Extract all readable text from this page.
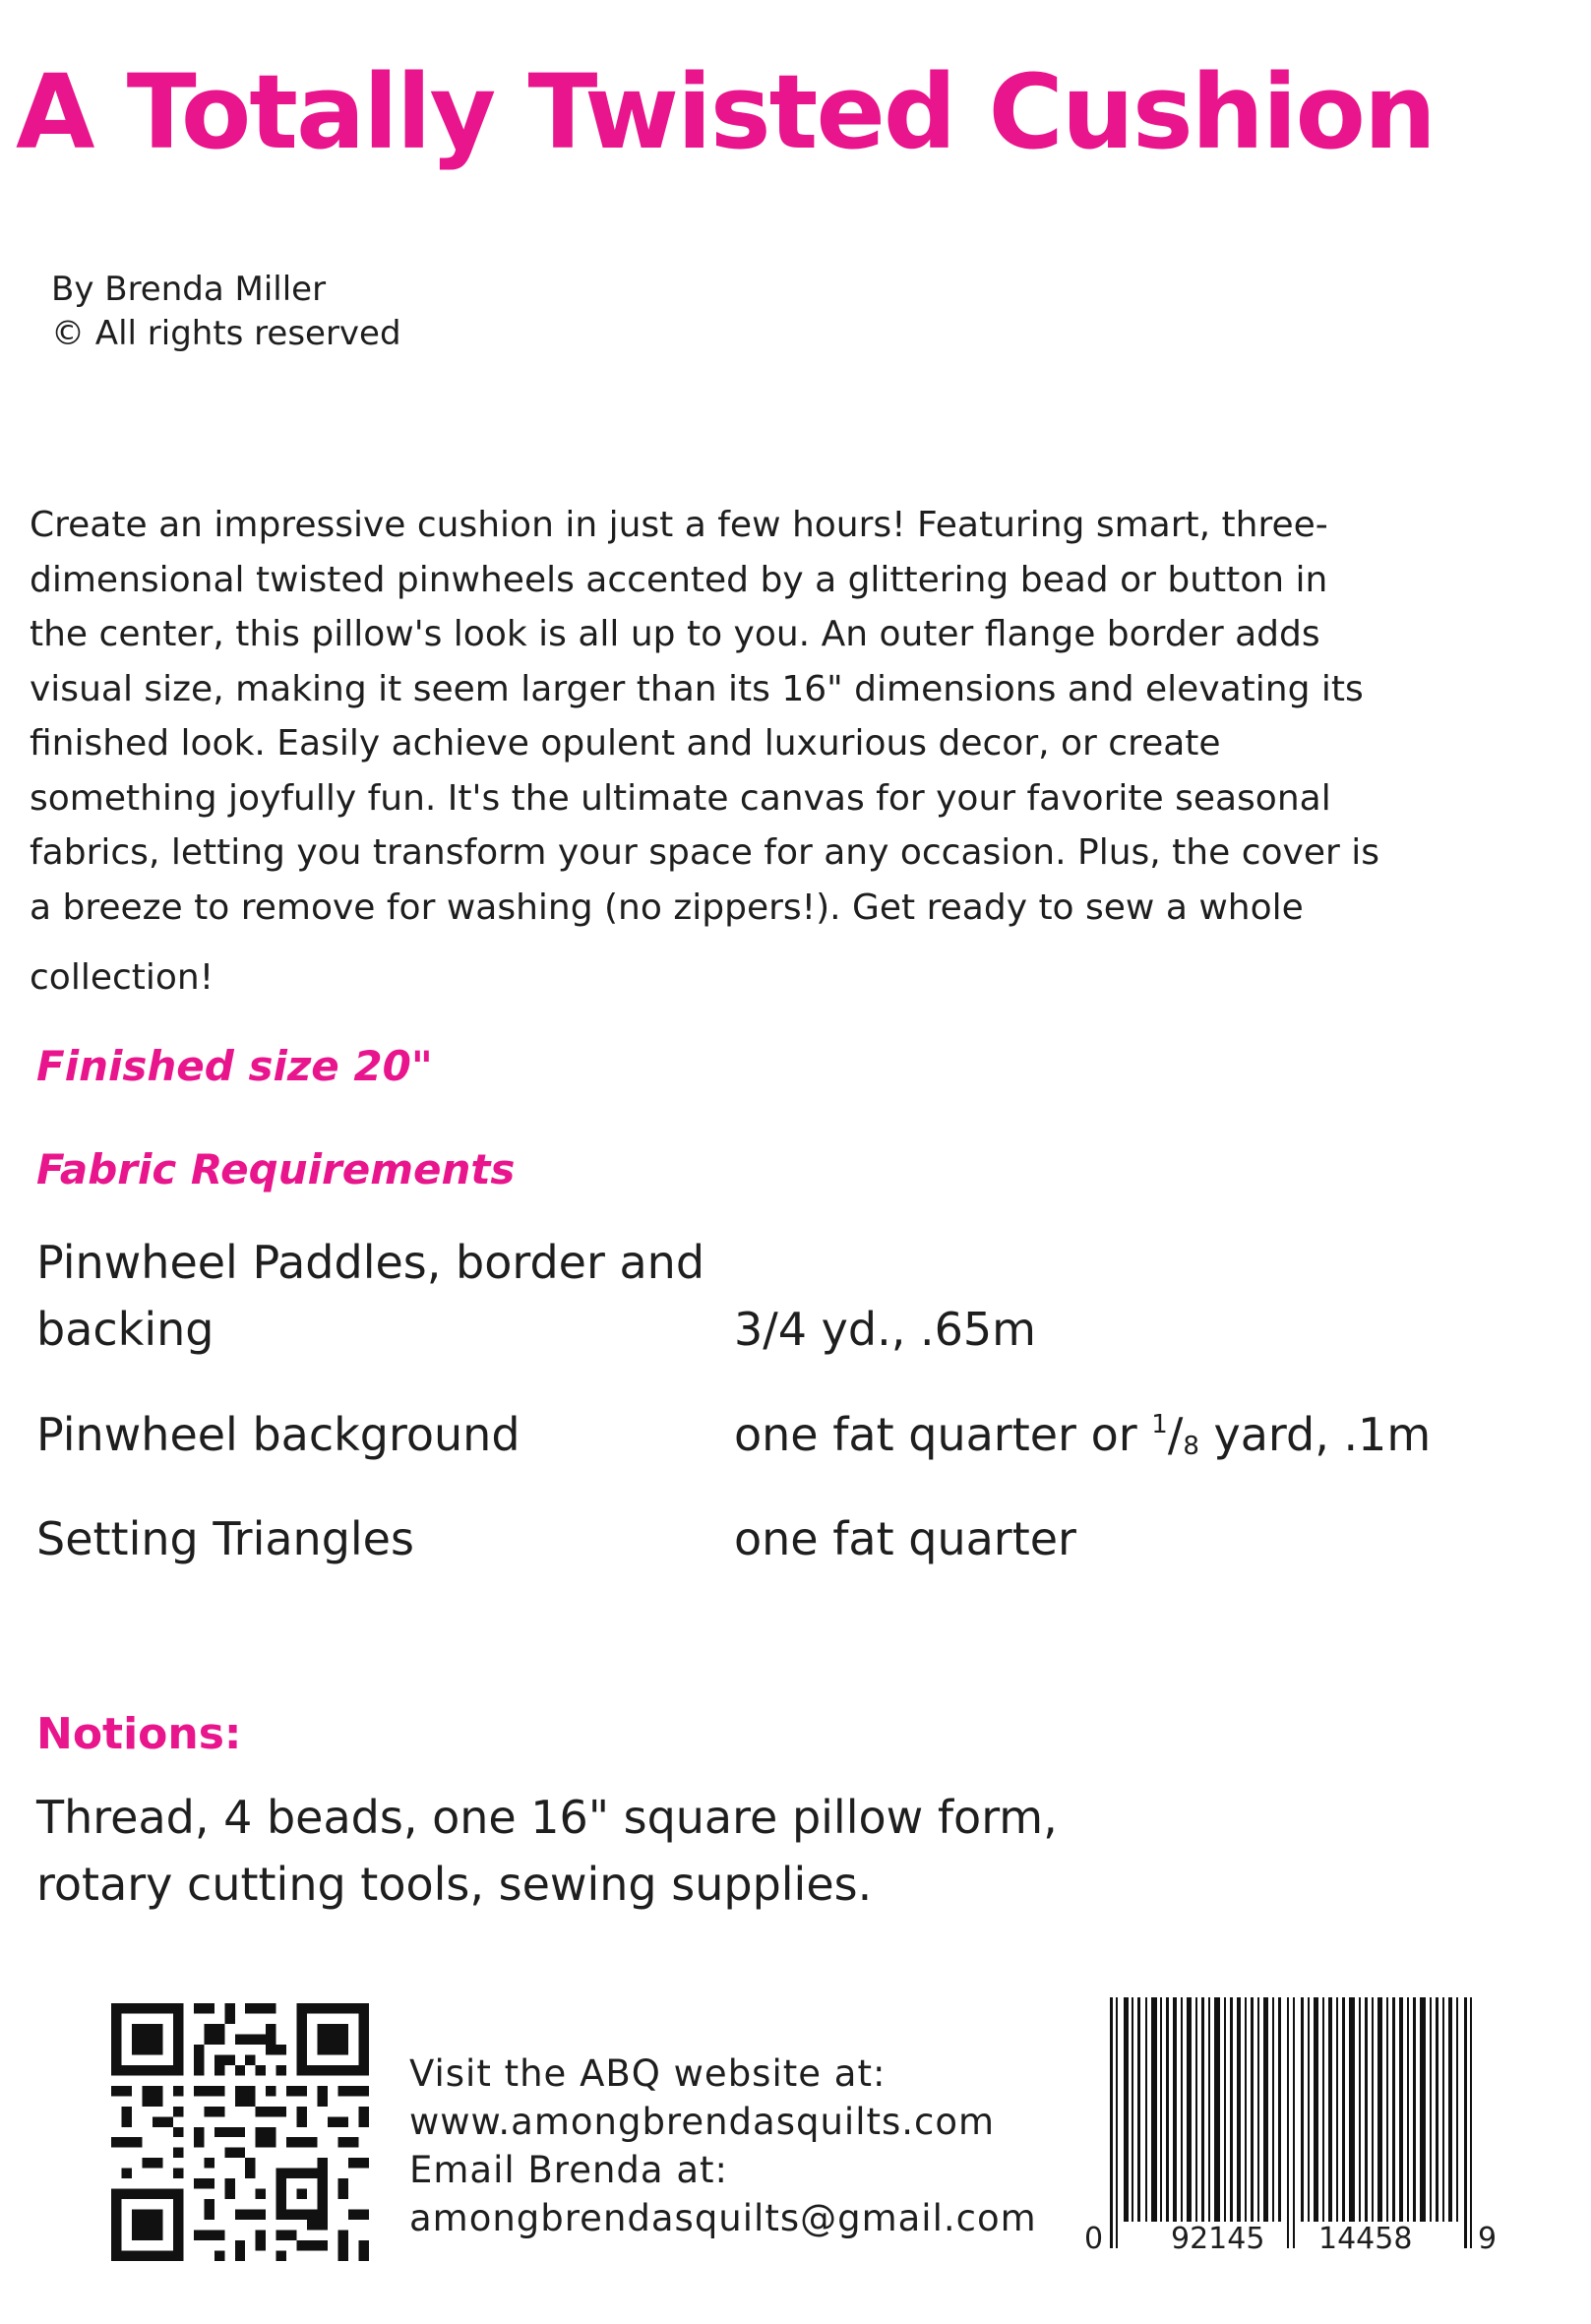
A Totally Twisted Cushion
By Brenda Miller
© All rights reserved

Create an impressive cushion in just a few hours! Featuring smart, three-
dimensional twisted pinwheels accented by a glittering bead or button in
the center, this pillow's look is all up to you. An outer flange border adds
visual size, making it seem larger than its 16" dimensions and elevating its
finished look. Easily achieve opulent and luxurious decor, or create
something joyfully fun. It's the ultimate canvas for your favorite seasonal
fabrics, letting you transform your space for any occasion. Plus, the cover is
a breeze to remove for washing (no zippers!). Get ready to sew a whole
collection!

Finished size 20"
Fabric Requirements
Pinwheel Paddles, border and
backing	3/4 yd., .65m
Pinwheel background	one fat quarter or $^1/_8$ yard, .1m
Setting Triangles	one fat quarter
Notions:
Thread, 4 beads, one 16" square pillow form,
rotary cutting tools, sewing supplies.
Visit the ABQ website at:
www.amongbrendasquilts.com
Email Brenda at:
amongbrendasquilts@gmail.com 0 92145 14458 9
